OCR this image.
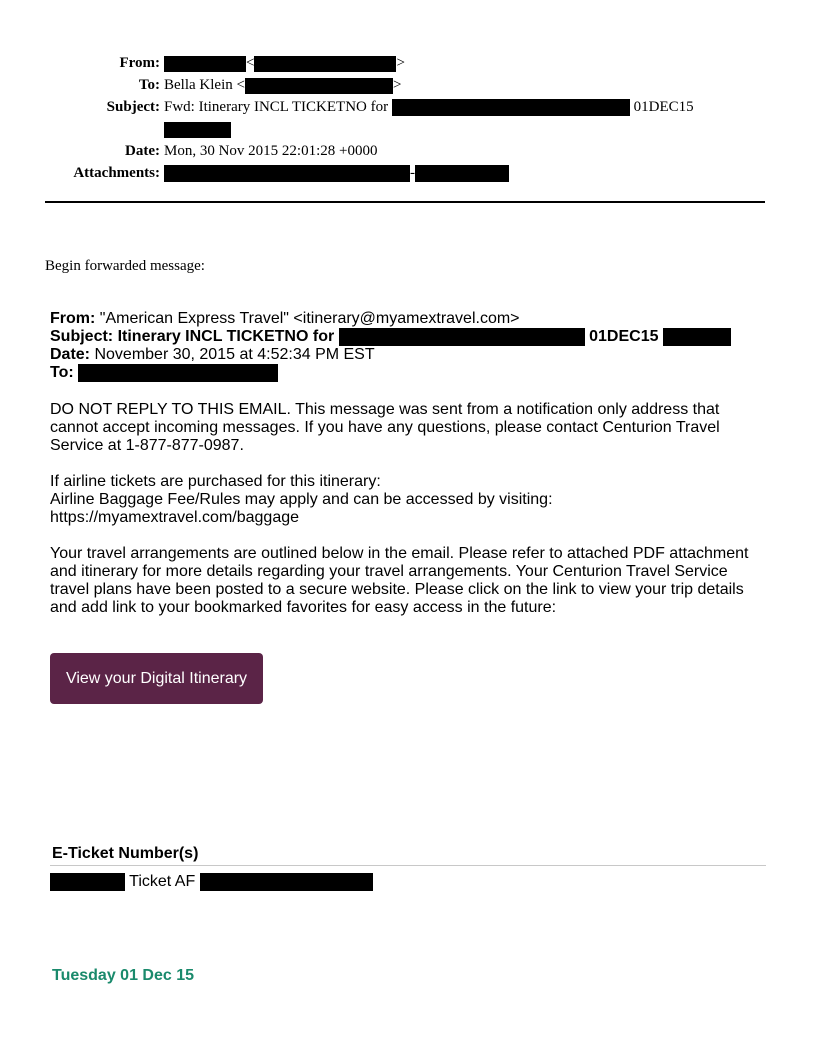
From:	<	>
To: Bella Klein <	>
Subject: Fwd: Itinerary INCL TICKETNO for	01DEC15
Date: Mon, 30 Nov 2015 22:01:28 +0000
Attachments:	-
Begin forwarded message:
From: "American Express Travel" <itinerary@myamextravel.com>
Subject: Itinerary INCL TICKETNO for	01DEC15
Date: November 30, 2015 at 4:52:34 PM EST
To:

DO NOT REPLY TO THIS EMAIL. This message was sent from a notification only address that cannot accept incoming messages. If you have any questions, please contact Centurion Travel Service at 1-877-877-0987.

If airline tickets are purchased for this itinerary:

Airline Baggage Fee/Rules may apply and can be accessed by visiting:

https://myamextravel.com/baggage

Your travel arrangements are outlined below in the email. Please refer to attached PDF attachment and itinerary for more details regarding your travel arrangements. Your Centurion Travel Service travel plans have been posted to a secure website. Please click on the link to view your trip details and add link to your bookmarked favorites for easy access in the future:

View your Digital Itinerary
E-Ticket Number(s)
Ticket AF
Tuesday 01 Dec 15
